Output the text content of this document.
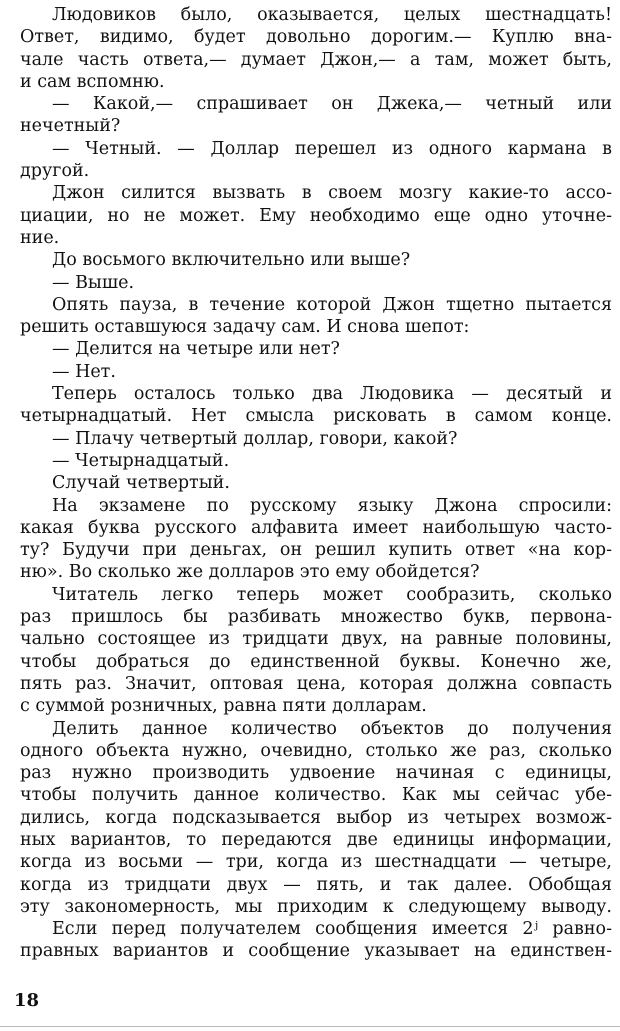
Людовиков было, оказывается, целых шестнадцать!
Ответ, видимо, будет довольно дорогим.— Куплю вна-
чале часть ответа,— думает Джон,— а там, может быть,
и сам вспомню.
— Какой,— спрашивает он Джека,— четный или
нечетный?
— Четный. — Доллар перешел из одного кармана в
другой.
Джон силится вызвать в своем мозгу какие-то ассо-
циации, но не может. Ему необходимо еще одно уточне-
ние.
До восьмого включительно или выше?
— Выше.
Опять пауза, в течение которой Джон тщетно пытается
решить оставшуюся задачу сам. И снова шепот:
— Делится на четыре или нет?
— Нет.
Теперь осталось только два Людовика — десятый и
четырнадцатый. Нет смысла рисковать в самом конце.
— Плачу четвертый доллар, говори, какой?
— Четырнадцатый.
Случай четвертый.
На экзамене по русскому языку Джона спросили:
какая буква русского алфавита имеет наибольшую часто-
ту? Будучи при деньгах, он решил купить ответ «на кор-
ню». Во сколько же долларов это ему обойдется?
Читатель легко теперь может сообразить, сколько
раз пришлось бы разбивать множество букв, первона-
чально состоящее из тридцати двух, на равные половины,
чтобы добраться до единственной буквы. Конечно же,
пять раз. Значит, оптовая цена, которая должна совпасть
с суммой розничных, равна пяти долларам.
Делить данное количество объектов до получения
одного объекта нужно, очевидно, столько же раз, сколько
раз нужно производить удвоение начиная с единицы,
чтобы получить данное количество. Как мы сейчас убе-
дились, когда подсказывается выбор из четырех возмож-
ных вариантов, то передаются две единицы информации,
когда из восьми — три, когда из шестнадцати — четыре,
когда из тридцати двух — пять, и так далее. Обобщая
эту закономерность, мы приходим к следующему выводу.
Если перед получателем сообщения имеется 2ʲ равно-
правных вариантов и сообщение указывает на единствен-
18
